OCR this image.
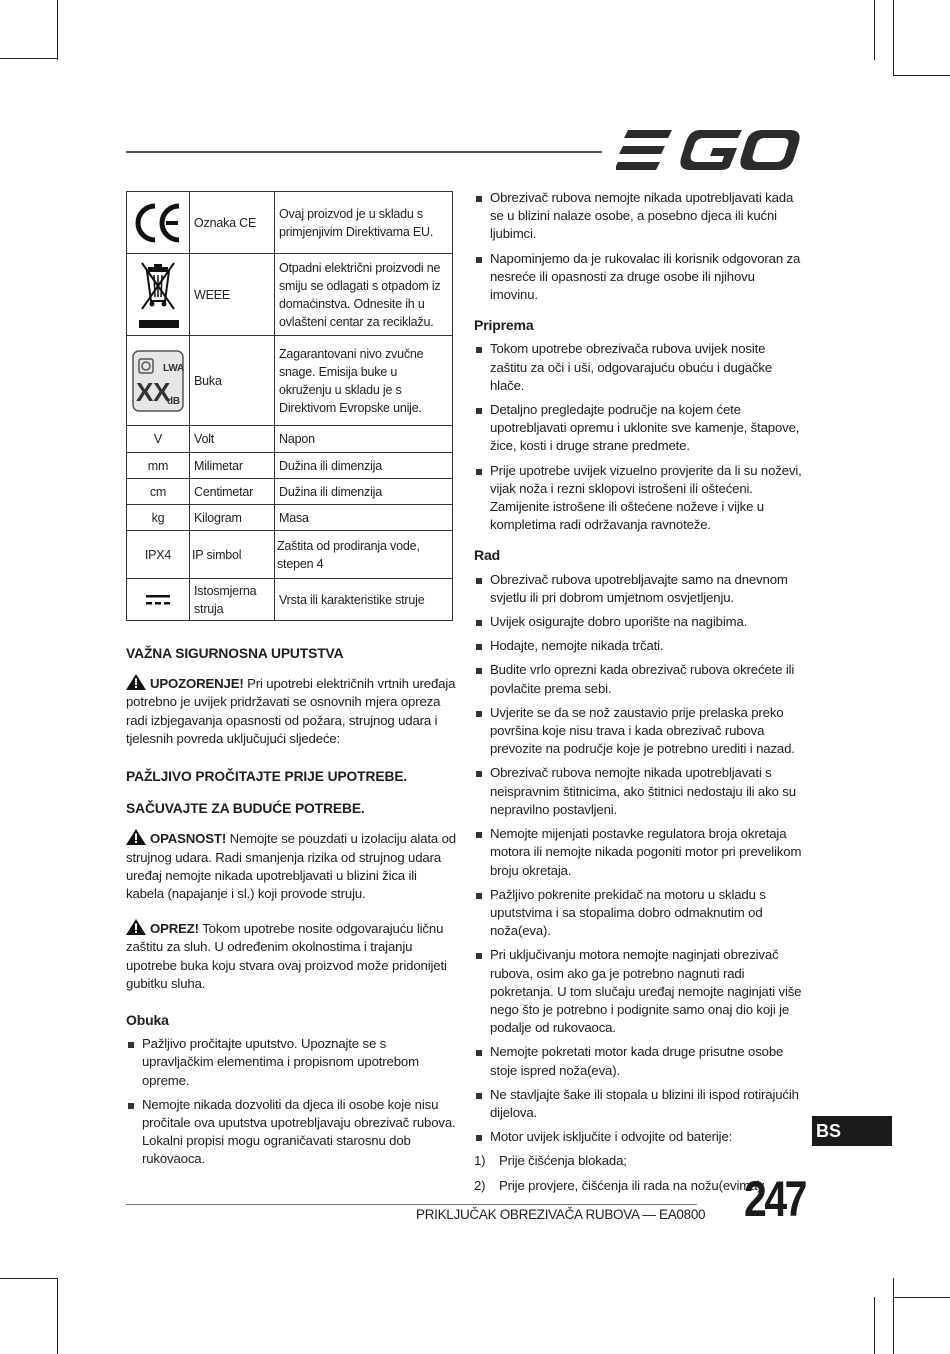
	Oznaka CE	Ovaj proizvod je u skladu s primjenjivim Direktivama EU.

	WEEE	Otpadni električni proizvodi ne smiju se odlagati s otpadom iz domaćinstva. Odnesite ih u ovlašteni centar za reciklažu.

LWA
XX
dB	Buka	Zagarantovani nivo zvučne snage. Emisija buke u okruženju u skladu je s Direktivom Evropske unije.
V	Volt	Napon
mm	Milimetar	Dužina ili dimenzija
cm	Centimetar	Dužina ili dimenzija
kg	Kilogram	Masa
IPX4	IP simbol	Zaštita od prodiranja vode, stepen 4

	Istosmjerna struja	Vrsta ili karakteristike struje
VAŽNA SIGURNOSNA UPUTSTVA

UPOZORENJE! Pri upotrebi električnih vrtnih uređaja potrebno je uvijek pridržavati se osnovnih mjera opreza radi izbjegavanja opasnosti od požara, strujnog udara i tjelesnih povreda uključujući sljedeće:

PAŽLJIVO PROČITAJTE PRIJE UPOTREBE.
SAČUVAJTE ZA BUDUĆE POTREBE.

OPASNOST! Nemojte se pouzdati u izolaciju alata od strujnog udara. Radi smanjenja rizika od strujnog udara uređaj nemojte nikada upotrebljavati u blizini žica ili kabela (napajanje i sl.) koji provode struju.

OPREZ! Tokom upotrebe nosite odgovarajuću ličnu zaštitu za sluh. U određenim okolnostima i trajanju upotrebe buka koju stvara ovaj proizvod može pridonijeti gubitku sluha.

Obuka
Pažljivo pročitajte uputstvo. Upoznajte se s upravljačkim elementima i propisnom upotrebom opreme.
Nemojte nikada dozvoliti da djeca ili osobe koje nisu pročitale ova uputstva upotrebljavaju obrezivač rubova. Lokalni propisi mogu ograničavati starosnu dob rukovaoca.
Obrezivač rubova nemojte nikada upotrebljavati kada se u blizini nalaze osobe, a posebno djeca ili kućni ljubimci.
Napominjemo da je rukovalac ili korisnik odgovoran za nesreće ili opasnosti za druge osobe ili njihovu imovinu.
Priprema
Tokom upotrebe obrezivača rubova uvijek nosite zaštitu za oči i uši, odgovarajuću obuću i dugačke hlače.
Detaljno pregledajte područje na kojem ćete upotrebljavati opremu i uklonite sve kamenje, štapove, žice, kosti i druge strane predmete.
Prije upotrebe uvijek vizuelno provjerite da li su noževi, vijak noža i rezni sklopovi istrošeni ili oštećeni. Zamijenite istrošene ili oštećene noževe i vijke u kompletima radi održavanja ravnoteže.
Rad
Obrezivač rubova upotrebljavajte samo na dnevnom svjetlu ili pri dobrom umjetnom osvjetljenju.
Uvijek osigurajte dobro uporište na nagibima.
Hodajte, nemojte nikada trčati.
Budite vrlo oprezni kada obrezivač rubova okrećete ili povlačite prema sebi.
Uvjerite se da se nož zaustavio prije prelaska preko površina koje nisu trava i kada obrezivač rubova prevozite na područje koje je potrebno urediti i nazad.
Obrezivač rubova nemojte nikada upotrebljavati s neispravnim štitnicima, ako štitnici nedostaju ili ako su nepravilno postavljeni.
Nemojte mijenjati postavke regulatora broja okretaja motora ili nemojte nikada pogoniti motor pri prevelikom broju okretaja.
Pažljivo pokrenite prekidač na motoru u skladu s uputstvima i sa stopalima dobro odmaknutim od noža(eva).
Pri uključivanju motora nemojte naginjati obrezivač rubova, osim ako ga je potrebno nagnuti radi pokretanja. U tom slučaju uređaj nemojte naginjati više nego što je potrebno i podignite samo onaj dio koji je podalje od rukovaoca.
Nemojte pokretati motor kada druge prisutne osobe stoje ispred noža(eva).
Ne stavljajte šake ili stopala u blizini ili ispod rotirajućih dijelova.
Motor uvijek isključite i odvojite od baterije:
1) Prije čišćenja blokada;
2) Prije provjere, čišćenja ili rada na nožu(evima);
BS
PRIKLJUČAK OBREZIVAČA RUBOVA — EA0800 247
